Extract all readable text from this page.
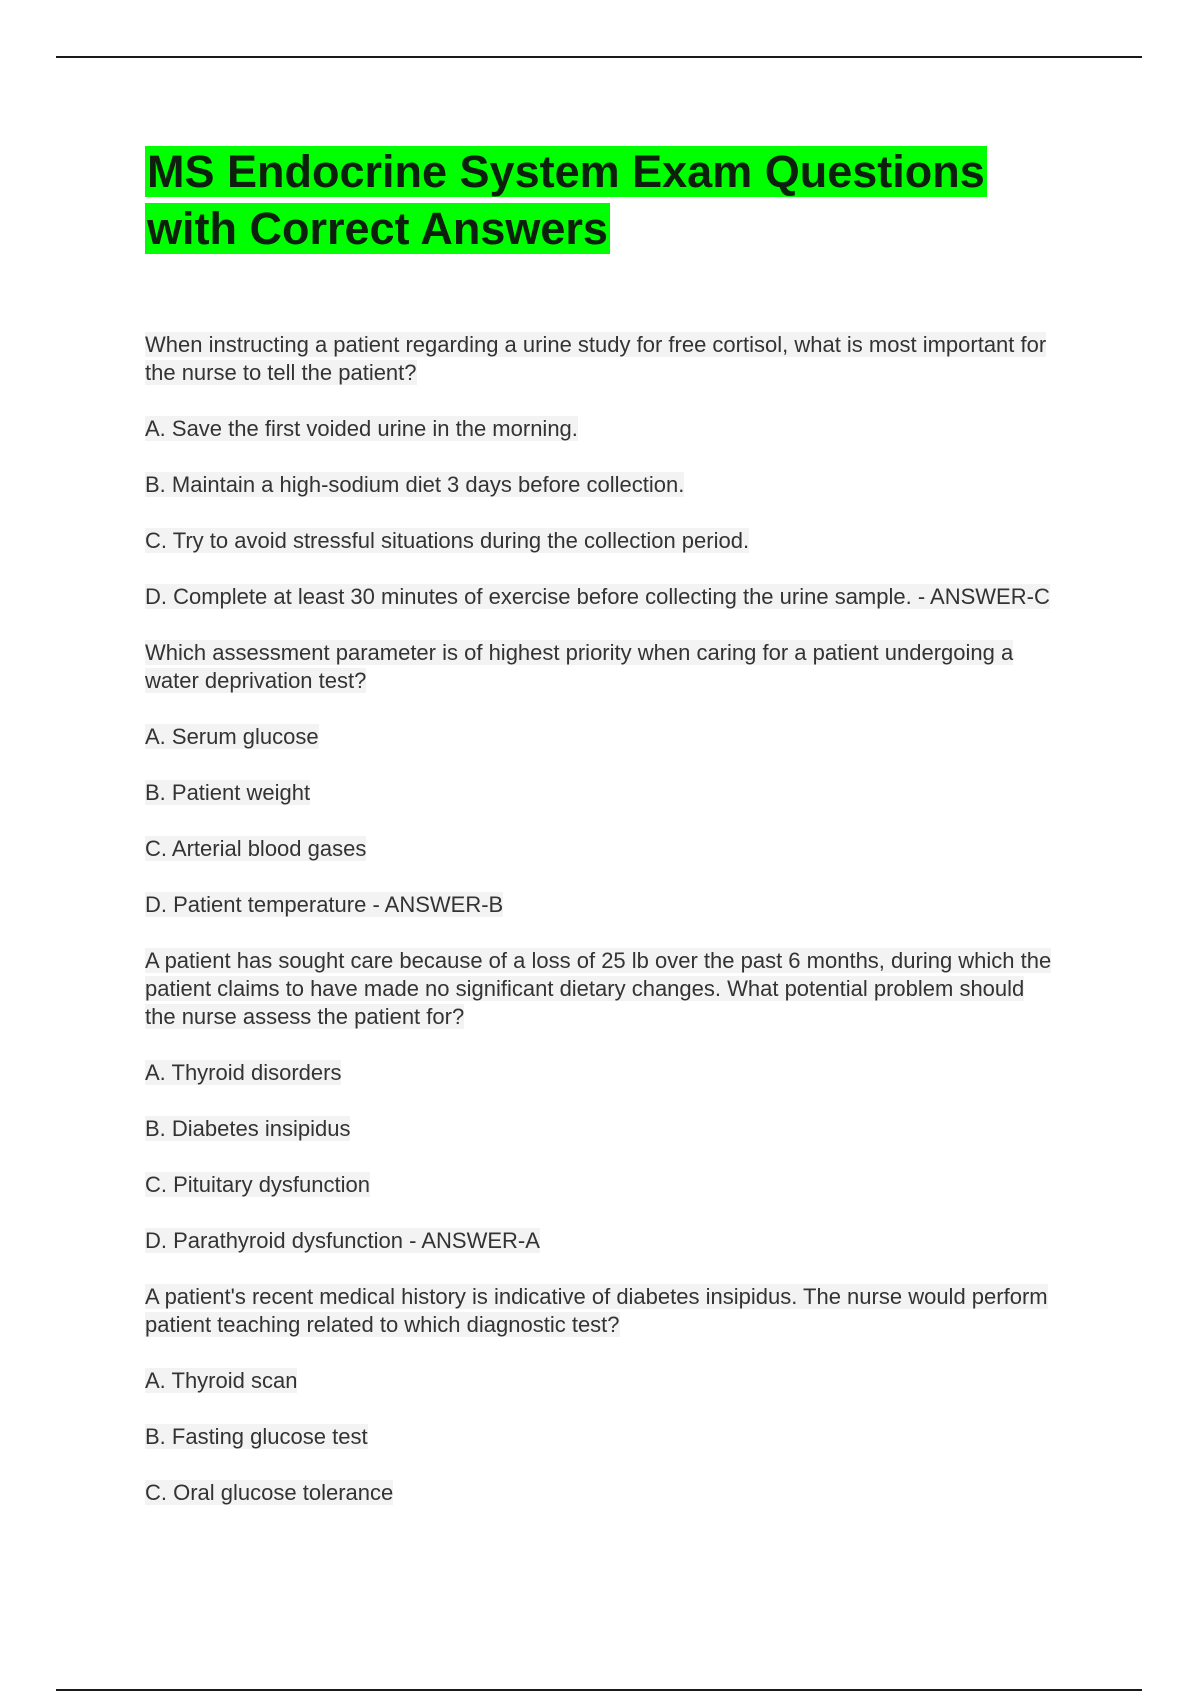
MS Endocrine System Exam Questions
with Correct Answers

When instructing a patient regarding a urine study for free cortisol, what is most important for the nurse to tell the patient?

A. Save the first voided urine in the morning.

B. Maintain a high-sodium diet 3 days before collection.

C. Try to avoid stressful situations during the collection period.

D. Complete at least 30 minutes of exercise before collecting the urine sample. - ANSWER-C

Which assessment parameter is of highest priority when caring for a patient undergoing a water deprivation test?

A. Serum glucose

B. Patient weight

C. Arterial blood gases

D. Patient temperature - ANSWER-B

A patient has sought care because of a loss of 25 lb over the past 6 months, during which the patient claims to have made no significant dietary changes. What potential problem should the nurse assess the patient for?

A. Thyroid disorders

B. Diabetes insipidus

C. Pituitary dysfunction

D. Parathyroid dysfunction - ANSWER-A

A patient's recent medical history is indicative of diabetes insipidus. The nurse would perform patient teaching related to which diagnostic test?

A. Thyroid scan

B. Fasting glucose test

C. Oral glucose tolerance
